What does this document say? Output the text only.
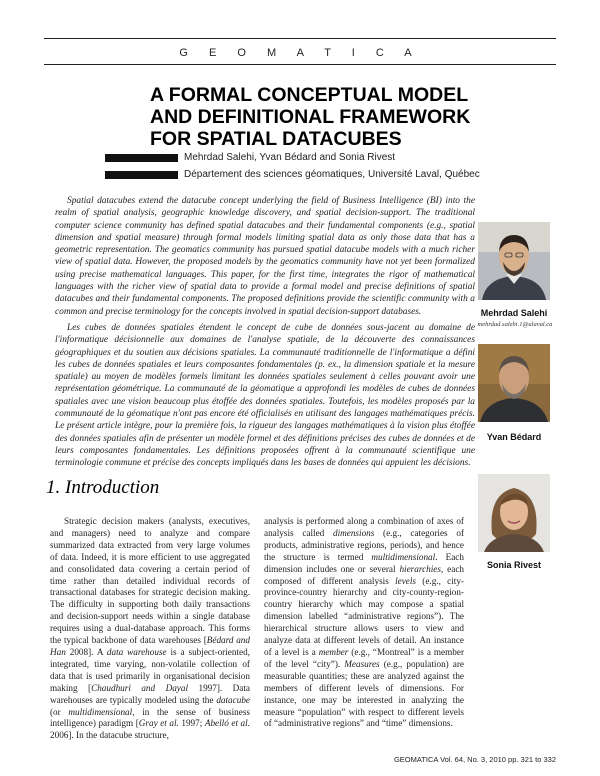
G E O M A T I C A
A FORMAL CONCEPTUAL MODEL
AND DEFINITIONAL FRAMEWORK
FOR SPATIAL DATACUBES
Mehrdad Salehi, Yvan Bédard and Sonia Rivest
Département des sciences géomatiques, Université Laval, Québec

Spatial datacubes extend the datacube concept underlying the field of Business Intelligence (BI) into the realm of spatial analysis, geographic knowledge discovery, and spatial decision-support. The traditional computer science community has defined spatial datacubes and their fundamental components (e.g., spatial dimension and spatial measure) through formal models limiting spatial data as only those data that has a geometric representation. The geomatics community has pursued spatial datacube models with a much richer view of spatial data. However, the proposed models by the geomatics community have not yet been formalized using precise mathematical languages. This paper, for the first time, integrates the rigor of mathematical languages with the richer view of spatial data to provide a formal model and precise definitions of spatial datacubes and their fundamental components. The proposed definitions provide the scientific community with a common and precise terminology for the concepts involved in spatial decision-support databases.

Les cubes de données spatiales étendent le concept de cube de données sous-jacent au domaine de l'informatique décisionnelle aux domaines de l'analyse spatiale, de la découverte des connaissances géographiques et du soutien aux décisions spatiales. La communauté traditionnelle de l'informatique a défini les cubes de données spatiales et leurs composantes fondamentales (p. ex., la dimension spatiale et la mesure spatiale) au moyen de modèles formels limitant les données spatiales seulement à celles pouvant avoir une représentation géométrique. La communauté de la géomatique a approfondi les modèles de cubes de données spatiales avec une vision beaucoup plus étoffée des données spatiales. Toutefois, les modèles proposés par la communauté de la géomatique n'ont pas encore été officialisés en utilisant des langages mathématiques précis. Le présent article intègre, pour la première fois, la rigueur des langages mathématiques à la vision plus étoffée des données spatiales afin de présenter un modèle formel et des définitions précises des cubes de données et de leurs composantes fondamentales. Les définitions proposées offrent à la communauté scientifique une terminologie commune et précise des concepts impliqués dans les bases de données qui appuient les décisions.

1. Introduction

Strategic decision makers (analysts, executives, and managers) need to analyze and compare summarized data extracted from very large volumes of data. Indeed, it is more efficient to use aggregated and consolidated data covering a certain period of time rather than detailed individual records of transactional databases for strategic decision making. The difficulty in supporting both daily transactions and decision-support needs within a single database requires using a dual-database approach. This forms the typical backbone of data warehouses [Bédard and Han 2008]. A data warehouse is a subject-oriented, integrated, time varying, non-volatile collection of data that is used primarily in organisational decision making [Chaudhuri and Dayal 1997]. Data warehouses are typically modeled using the datacube (or multidimensional, in the sense of business intelligence) paradigm [Gray et al. 1997; Abelló et al. 2006]. In the datacube structure,

analysis is performed along a combination of axes of analysis called dimensions (e.g., categories of products, administrative regions, periods), and hence the structure is termed multidimensional. Each dimension includes one or several hierarchies, each composed of different analysis levels (e.g., city-province-country hierarchy and city-county-region-country hierarchy which may compose a spatial dimension labelled “administrative regions”). The hierarchical structure allows users to view and analyze data at different levels of detail. An instance of a level is a member (e.g., “Montreal” is a member of the level “city”). Measures (e.g., population) are measurable quantities; these are analyzed against the members of different levels of dimensions. For instance, one may be interested in analyzing the measure “population” with respect to different levels of “administrative regions” and “time” dimensions.

Mehrdad Salehi
mehrdad.salehi.1@ulaval.ca
Yvan Bédard
Sonia Rivest
GEOMATICA Vol. 64, No. 3, 2010 pp. 321 to 332
